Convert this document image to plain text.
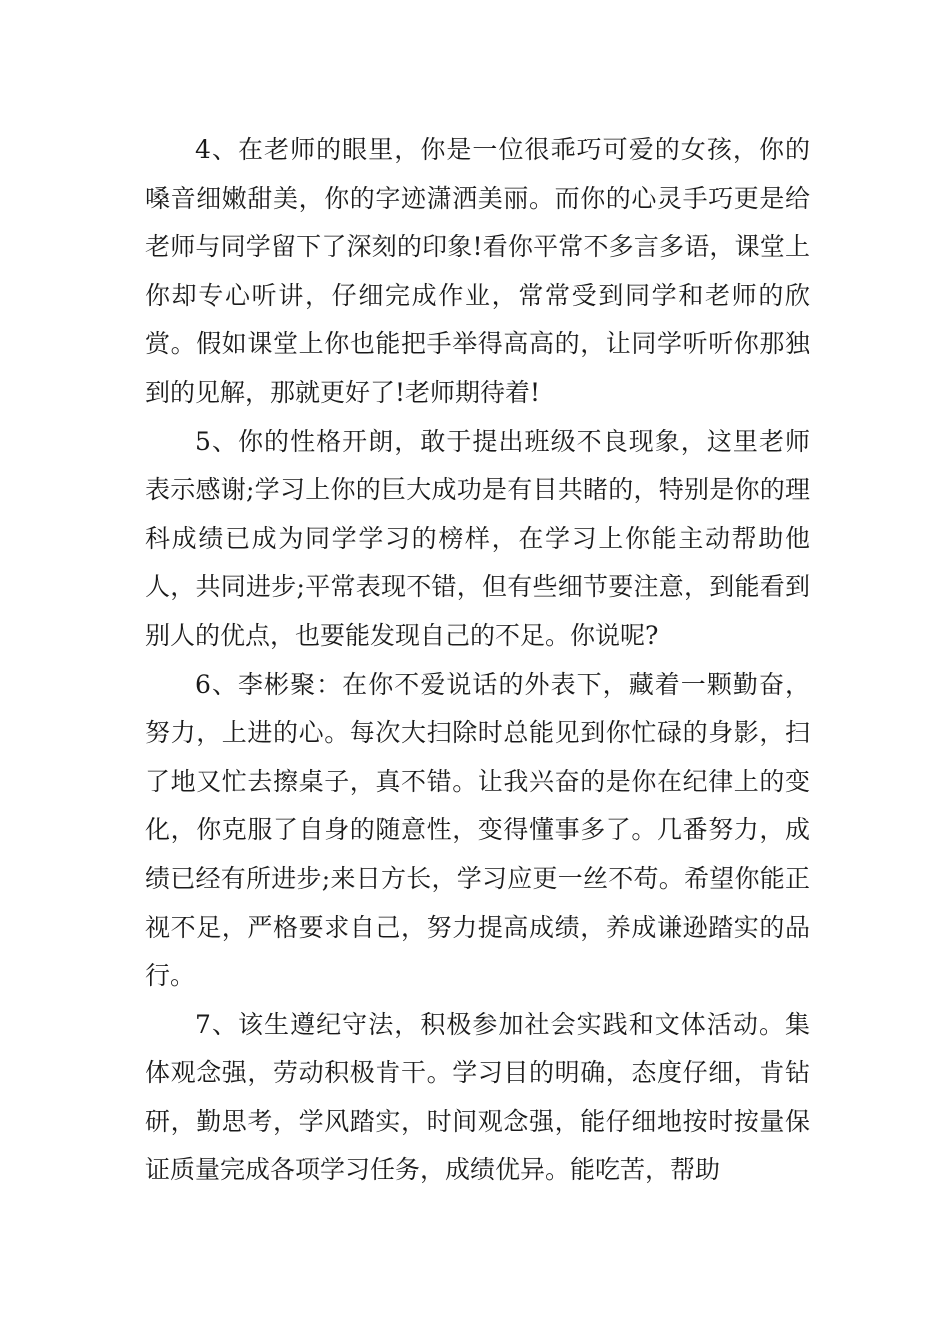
4、在老师的眼里，你是一位很乖巧可爱的女孩，你的嗓音细嫩甜美，你的字迹潇洒美丽。而你的心灵手巧更是给老师与同学留下了深刻的印象!看你平常不多言多语，课堂上你却专心听讲，仔细完成作业，常常受到同学和老师的欣赏。假如课堂上你也能把手举得高高的，让同学听听你那独到的见解，那就更好了!老师期待着!

5、你的性格开朗，敢于提出班级不良现象，这里老师表示感谢;学习上你的巨大成功是有目共睹的，特别是你的理科成绩已成为同学学习的榜样，在学习上你能主动帮助他人，共同进步;平常表现不错，但有些细节要注意，到能看到别人的优点，也要能发现自己的不足。你说呢?

6、李彬聚：在你不爱说话的外表下，藏着一颗勤奋，努力，上进的心。每次大扫除时总能见到你忙碌的身影，扫了地又忙去擦桌子，真不错。让我兴奋的是你在纪律上的变化，你克服了自身的随意性，变得懂事多了。几番努力，成绩已经有所进步;来日方长，学习应更一丝不苟。希望你能正视不足，严格要求自己，努力提高成绩，养成谦逊踏实的品行。

7、该生遵纪守法，积极参加社会实践和文体活动。集体观念强，劳动积极肯干。学习目的明确，态度仔细，肯钻研，勤思考，学风踏实，时间观念强，能仔细地按时按量保证质量完成各项学习任务，成绩优异。能吃苦，帮助
